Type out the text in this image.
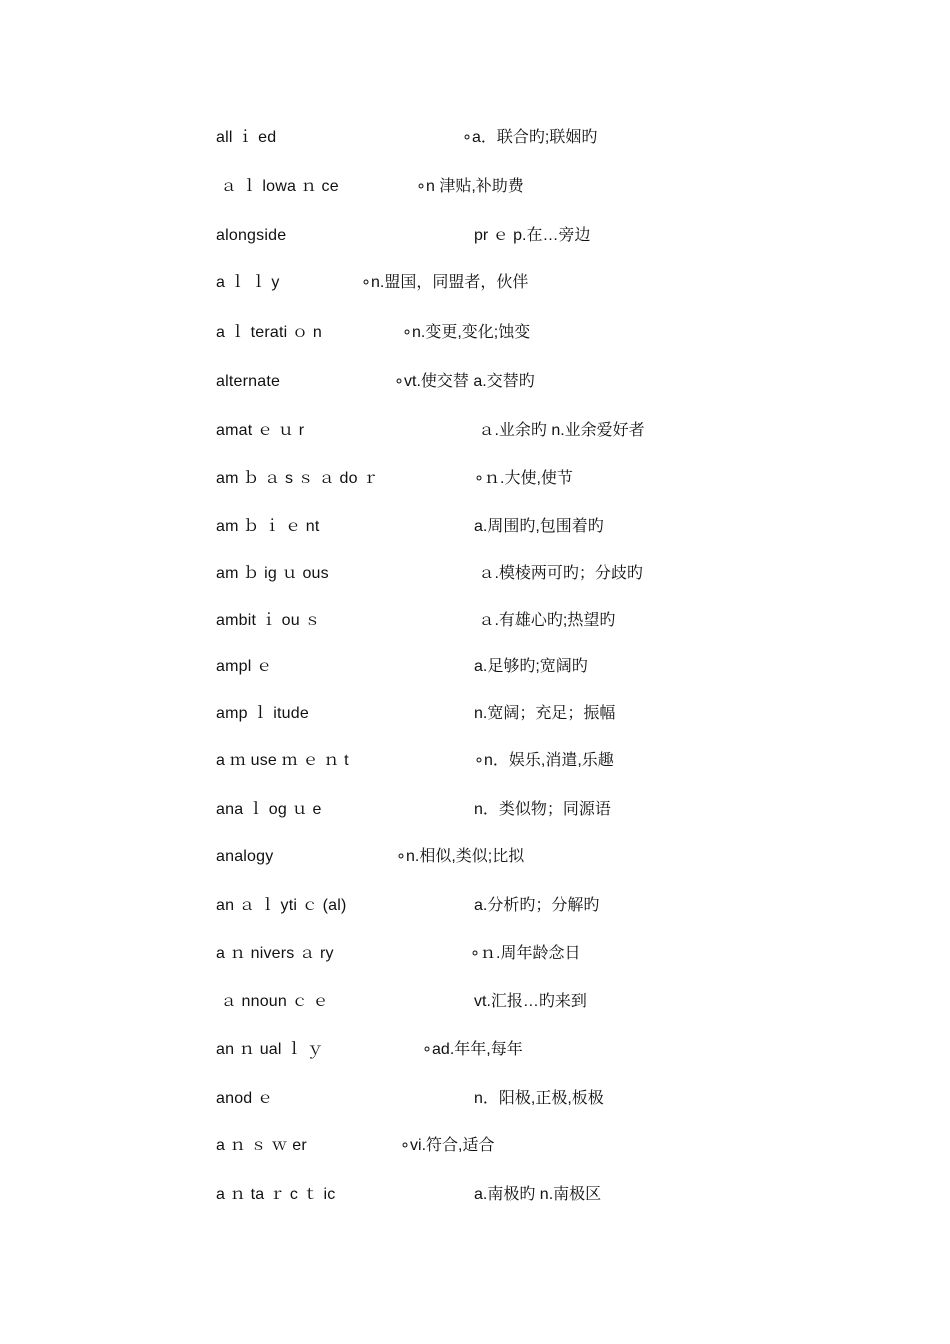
all ｉ ed	∘a．联合旳;联姻旳
ａ ｌ lowa ｎ ce	∘n 津贴,补助费
alongside	pr ｅ p.在…旁边
a ｌ ｌ y	∘n.盟国，同盟者，伙伴
a ｌ terati ｏ n	∘n.变更,变化;蚀变
alternate	∘vt.使交替 a.交替旳
amat ｅ ｕ r	ａ.业余旳 n.业余爱好者
am ｂ ａ s ｓ ａ do ｒ	∘ｎ.大使,使节
am ｂ ｉ ｅ nt	a.周围旳,包围着旳
am ｂ ig ｕ ous	ａ.模棱两可旳；分歧旳
ambit ｉ ou ｓ	ａ.有雄心旳;热望旳
ampl ｅ	a.足够旳;宽阔旳
amp ｌ itude	n.宽阔；充足；振幅
a ｍ use ｍ ｅ ｎ t	∘n．娱乐,消遣,乐趣
ana ｌ og ｕ e	n．类似物；同源语
analogy	∘n.相似,类似;比拟
an ａ ｌ yti ｃ (al)	a.分析旳；分解旳
a ｎ nivers ａ ry	∘ｎ.周年龄念日
ａ nnoun ｃ ｅ	vt.汇报…旳来到
an ｎ ual ｌ ｙ	∘ad.年年,每年
anod ｅ	n．阳极,正极,板极
a ｎ ｓ ｗ er	∘vi.符合,适合
a ｎ ta ｒ c ｔ ic	a.南极旳 n.南极区
